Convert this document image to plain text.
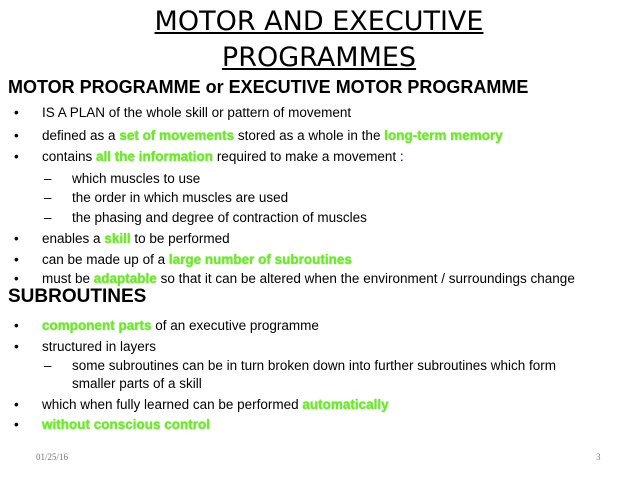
MOTOR AND EXECUTIVE
PROGRAMMES
MOTOR PROGRAMME or EXECUTIVE MOTOR PROGRAMME
• IS A PLAN of the whole skill or pattern of movement
• defined as a set of movements stored as a whole in the long-term memory
• contains all the information required to make a movement :
– which muscles to use
– the order in which muscles are used
– the phasing and degree of contraction of muscles
• enables a skill to be performed
• can be made up of a large number of subroutines
• must be adaptable so that it can be altered when the environment / surroundings change
SUBROUTINES
• component parts of an executive programme
• structured in layers
– some subroutines can be in turn broken down into further subroutines which form
smaller parts of a skill
• which when fully learned can be performed automatically
• without conscious control
01/25/16	3
